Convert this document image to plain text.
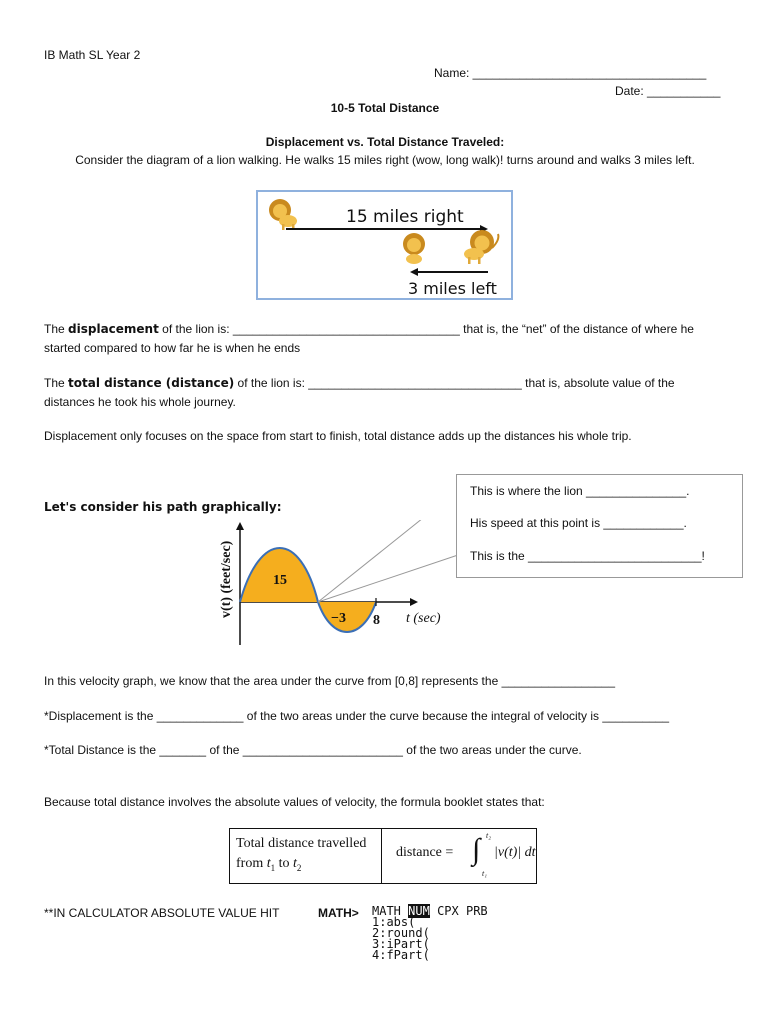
IB Math SL Year 2
Name: ___________________________________
Date: ___________
10-5 Total Distance
Displacement vs. Total Distance Traveled:
Consider the diagram of a lion walking. He walks 15 miles right (wow, long walk)! turns around and walks 3 miles left.
15 miles right
3 miles left
The displacement of the lion is: __________________________________ that is, the “net” of the distance of where he
started compared to how far he is when he ends
The total distance (distance) of the lion is: ________________________________ that is, absolute value of the
distances he took his whole journey.
Displacement only focuses on the space from start to finish, total distance adds up the distances his whole trip.
Let's consider his path graphically:
15
−3 8 t (sec)
v(t) (feet/sec)
This is where the lion _______________.
His speed at this point is ____________.
This is the __________________________!
In this velocity graph, we know that the area under the curve from [0,8] represents the _________________
*Displacement is the _____________ of the two areas under the curve because the integral of velocity is __________
*Total Distance is the _______ of the ________________________ of the two areas under the curve.
Because total distance involves the absolute values of velocity, the formula booklet states that:
Total distance travelled
from $t_1$ to $t_2$
distance = ∫ t₂
t₁
|v(t)| dt
**IN CALCULATOR ABSOLUTE VALUE HIT	MATH> MATH NUM CPX PRB
1:abs(
2:round(
3:iPart(
4:fPart(
